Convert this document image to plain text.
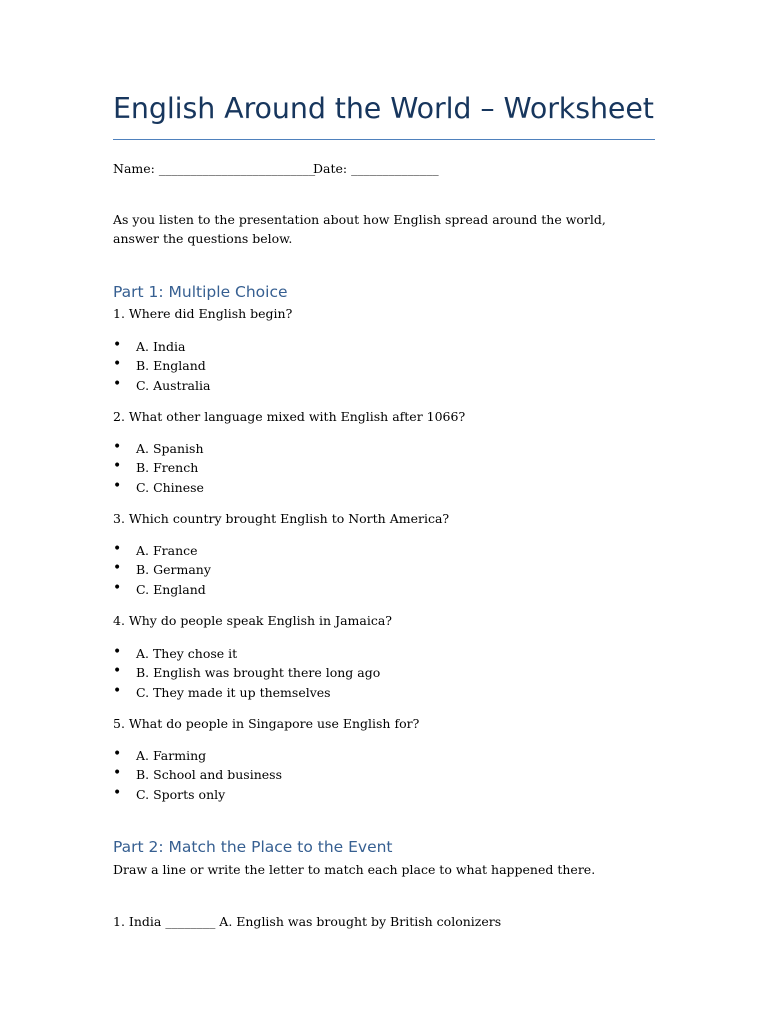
English Around the World – Worksheet
Name: _________________________
Date: ______________
As you listen to the presentation about how English spread around the world, answer the questions below.
Part 1: Multiple Choice
1. Where did English begin?
• A. India
• B. England
• C. Australia
2. What other language mixed with English after 1066?
• A. Spanish
• B. French
• C. Chinese
3. Which country brought English to North America?
• A. France
• B. Germany
• C. England
4. Why do people speak English in Jamaica?
• A. They chose it
• B. English was brought there long ago
• C. They made it up themselves
5. What do people in Singapore use English for?
• A. Farming
• B. School and business
• C. Sports only
Part 2: Match the Place to the Event
Draw a line or write the letter to match each place to what happened there.
1. India ________ A. English was brought by British colonizers
